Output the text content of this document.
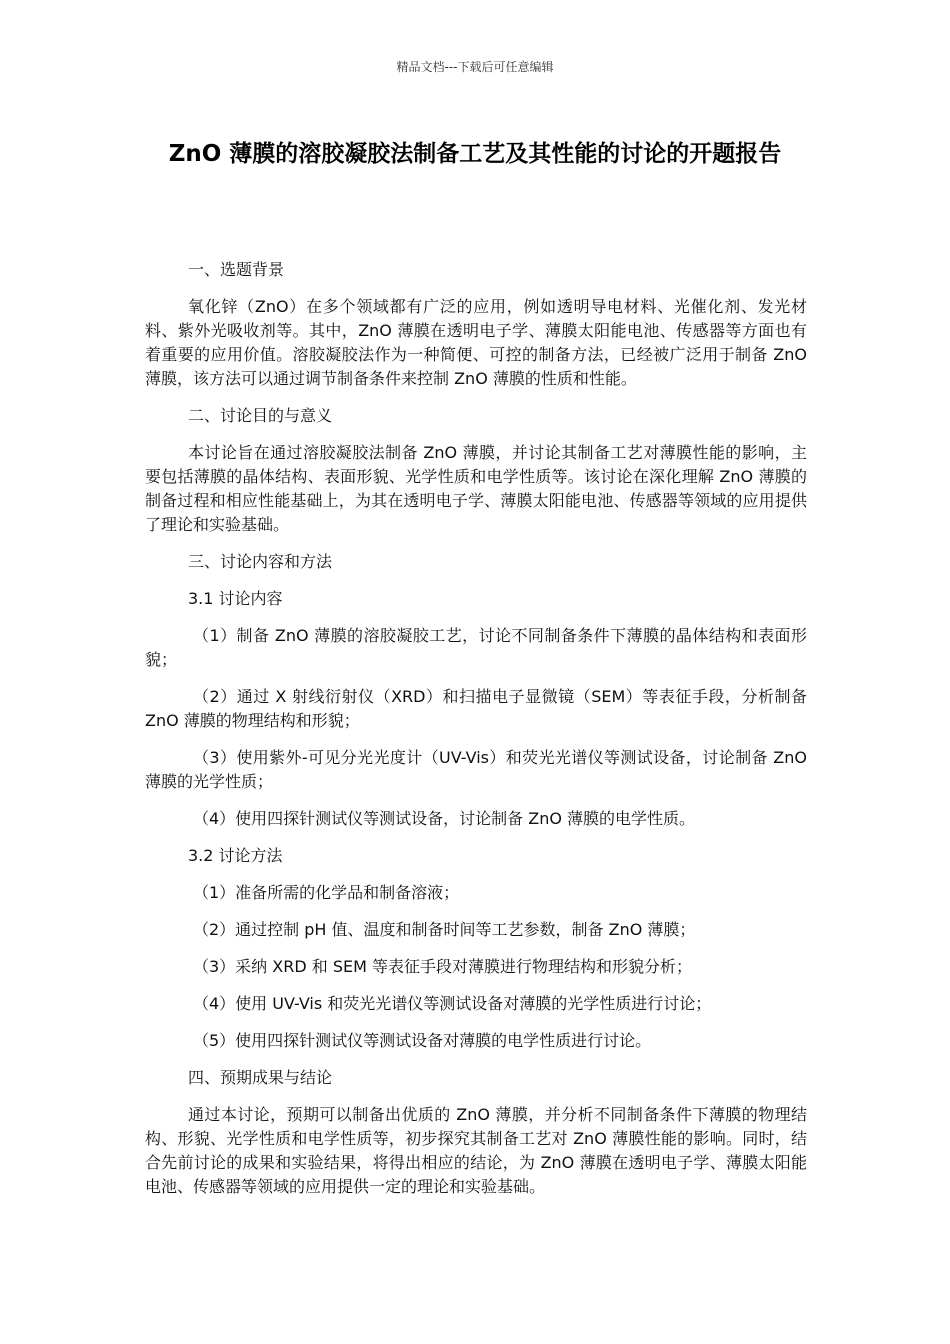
精品文档---下载后可任意编辑
ZnO 薄膜的溶胶凝胶法制备工艺及其性能的讨论的开题报告

一、选题背景

氧化锌（ZnO）在多个领域都有广泛的应用，例如透明导电材料、光催化剂、发光材料、紫外光吸收剂等。其中，ZnO 薄膜在透明电子学、薄膜太阳能电池、传感器等方面也有着重要的应用价值。溶胶凝胶法作为一种简便、可控的制备方法，已经被广泛用于制备 ZnO 薄膜，该方法可以通过调节制备条件来控制 ZnO 薄膜的性质和性能。

二、讨论目的与意义

本讨论旨在通过溶胶凝胶法制备 ZnO 薄膜，并讨论其制备工艺对薄膜性能的影响，主要包括薄膜的晶体结构、表面形貌、光学性质和电学性质等。该讨论在深化理解 ZnO 薄膜的制备过程和相应性能基础上，为其在透明电子学、薄膜太阳能电池、传感器等领域的应用提供了理论和实验基础。

三、讨论内容和方法

3.1 讨论内容

（1）制备 ZnO 薄膜的溶胶凝胶工艺，讨论不同制备条件下薄膜的晶体结构和表面形貌；

（2）通过 X 射线衍射仪（XRD）和扫描电子显微镜（SEM）等表征手段，分析制备 ZnO 薄膜的物理结构和形貌；

（3）使用紫外-可见分光光度计（UV-Vis）和荧光光谱仪等测试设备，讨论制备 ZnO 薄膜的光学性质；

（4）使用四探针测试仪等测试设备，讨论制备 ZnO 薄膜的电学性质。

3.2 讨论方法

（1）准备所需的化学品和制备溶液；

（2）通过控制 pH 值、温度和制备时间等工艺参数，制备 ZnO 薄膜；

（3）采纳 XRD 和 SEM 等表征手段对薄膜进行物理结构和形貌分析；

（4）使用 UV-Vis 和荧光光谱仪等测试设备对薄膜的光学性质进行讨论；

（5）使用四探针测试仪等测试设备对薄膜的电学性质进行讨论。

四、预期成果与结论

通过本讨论，预期可以制备出优质的 ZnO 薄膜，并分析不同制备条件下薄膜的物理结构、形貌、光学性质和电学性质等，初步探究其制备工艺对 ZnO 薄膜性能的影响。同时，结合先前讨论的成果和实验结果，将得出相应的结论，为 ZnO 薄膜在透明电子学、薄膜太阳能电池、传感器等领域的应用提供一定的理论和实验基础。
